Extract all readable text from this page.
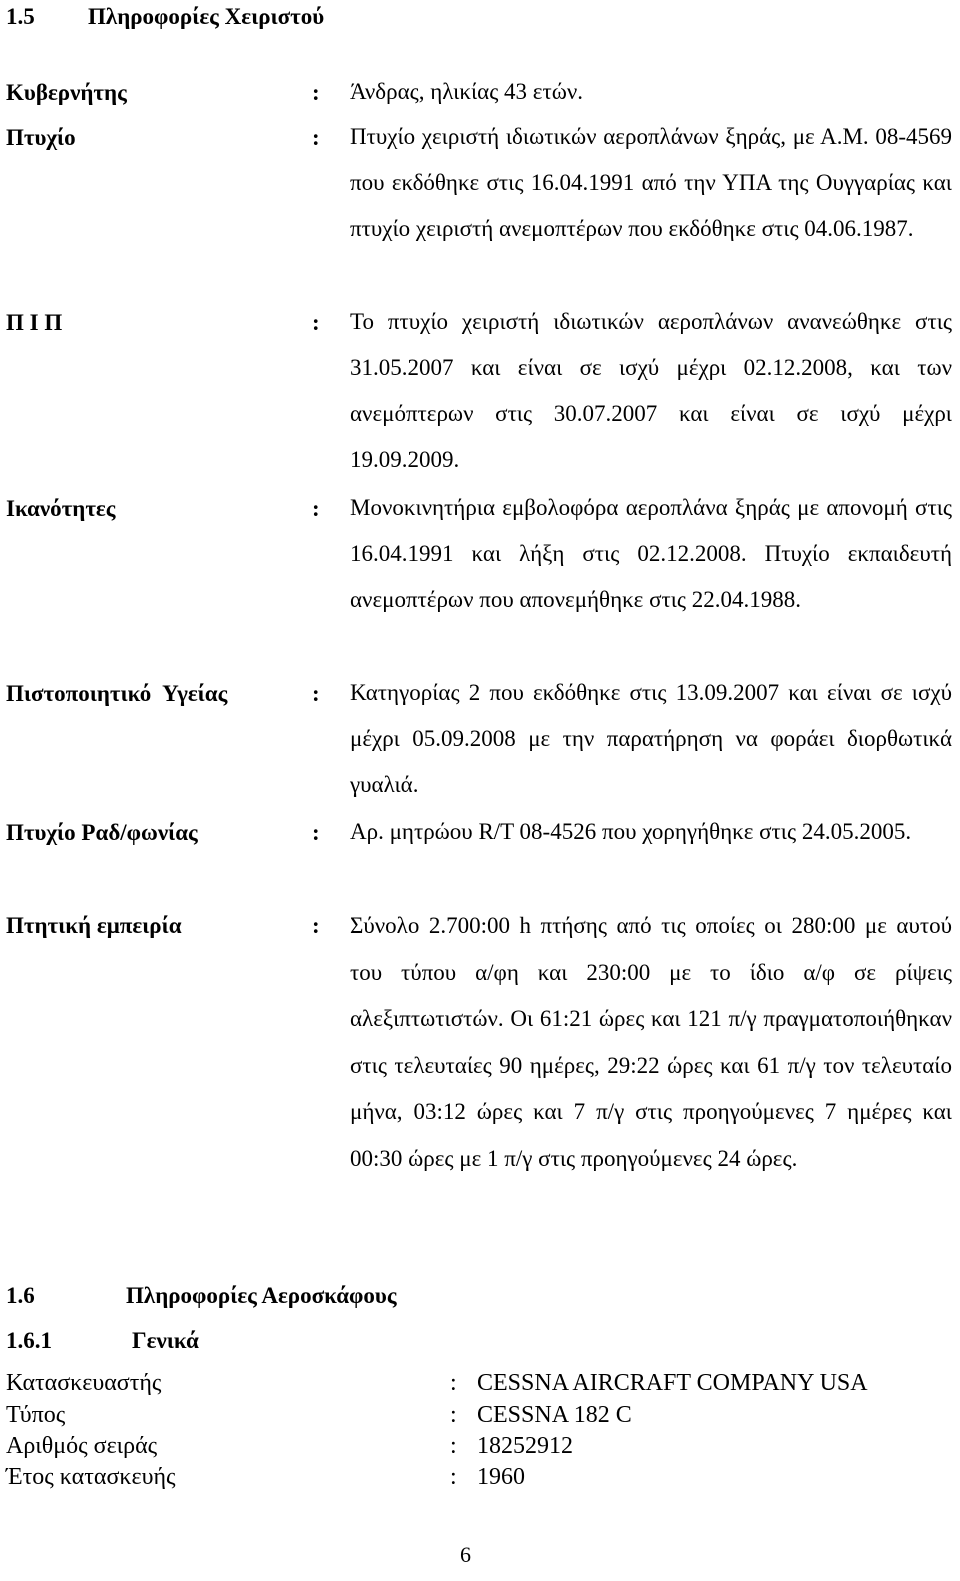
1.5 Πληροφορίες Χειριστού
Κυβερνήτης	: Άνδρας, ηλικίας 43 ετών.
Πτυχίο	: Πτυχίο χειριστή ιδιωτικών αεροπλάνων ξηράς, με Α.Μ. 08-4569 που εκδόθηκε στις 16.04.1991 από την ΥΠΑ της Ουγγαρίας και πτυχίο χειριστή ανεμοπτέρων που εκδόθηκε στις 04.06.1987.
Π Ι Π	: Το πτυχίο χειριστή ιδιωτικών αεροπλάνων ανανεώθηκε στις 31.05.2007 και είναι σε ισχύ μέχρι 02.12.2008, και των ανεμόπτερων στις 30.07.2007 και είναι σε ισχύ μέχρι 19.09.2009.
Ικανότητες	: Μονοκινητήρια εμβολοφόρα αεροπλάνα ξηράς με απονομή στις 16.04.1991 και λήξη στις 02.12.2008. Πτυχίο εκπαιδευτή ανεμοπτέρων που απονεμήθηκε στις 22.04.1988.
Πιστοποιητικό Υγείας	: Κατηγορίας 2 που εκδόθηκε στις 13.09.2007 και είναι σε ισχύ μέχρι 05.09.2008 με την παρατήρηση να φοράει διορθωτικά γυαλιά.
Πτυχίο Ραδ/φωνίας	: Αρ. μητρώου R/T 08-4526 που χορηγήθηκε στις 24.05.2005.
Πτητική εμπειρία	: Σύνολο 2.700:00 h πτήσης από τις οποίες οι 280:00 με αυτού του τύπου α/φη και 230:00 με το ίδιο α/φ σε ρίψεις αλεξιπτωτιστών. Οι 61:21 ώρες και 121 π/γ πραγματοποιήθηκαν στις τελευταίες 90 ημέρες, 29:22 ώρες και 61 π/γ τον τελευταίο μήνα, 03:12 ώρες και 7 π/γ στις προηγούμενες 7 ημέρες και 00:30 ώρες με 1 π/γ στις προηγούμενες 24 ώρες.
1.6	Πληροφορίες Αεροσκάφους
1.6.1	Γενικά
Κατασκευαστής	: CESSNA AIRCRAFT COMPANY USA
Τύπος	: CESSNA 182 C
Αριθμός σειράς	: 18252912
Έτος κατασκευής	: 1960
6
